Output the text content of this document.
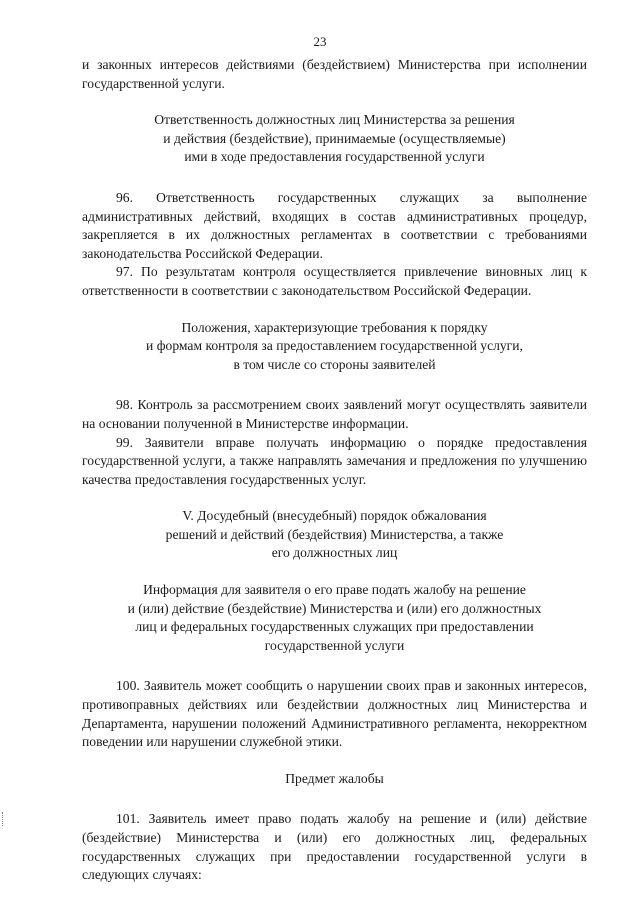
23

и законных интересов действиями (бездействием) Министерства при исполнении государственной услуги.

Ответственность должностных лиц Министерства за решения
и действия (бездействие), принимаемые (осуществляемые)
ими в ходе предоставления государственной услуги

96. Ответственность государственных служащих за выполнение административных действий, входящих в состав административных процедур, закрепляется в их должностных регламентах в соответствии с требованиями законодательства Российской Федерации.

97. По результатам контроля осуществляется привлечение виновных лиц к ответственности в соответствии с законодательством Российской Федерации.

Положения, характеризующие требования к порядку
и формам контроля за предоставлением государственной услуги,
в том числе со стороны заявителей

98. Контроль за рассмотрением своих заявлений могут осуществлять заявители на основании полученной в Министерстве информации.

99. Заявители вправе получать информацию о порядке предоставления государственной услуги, а также направлять замечания и предложения по улучшению качества предоставления государственных услуг.

V. Досудебный (внесудебный) порядок обжалования
решений и действий (бездействия) Министерства, а также
его должностных лиц
Информация для заявителя о его праве подать жалобу на решение
и (или) действие (бездействие) Министерства и (или) его должностных
лиц и федеральных государственных служащих при предоставлении
государственной услуги

100. Заявитель может сообщить о нарушении своих прав и законных интересов, противоправных действиях или бездействии должностных лиц Министерства и Департамента, нарушении положений Административного регламента, некорректном поведении или нарушении служебной этики.

Предмет жалобы

101. Заявитель имеет право подать жалобу на решение и (или) действие (бездействие) Министерства и (или) его должностных лиц, федеральных государственных служащих при предоставлении государственной услуги в следующих случаях:
